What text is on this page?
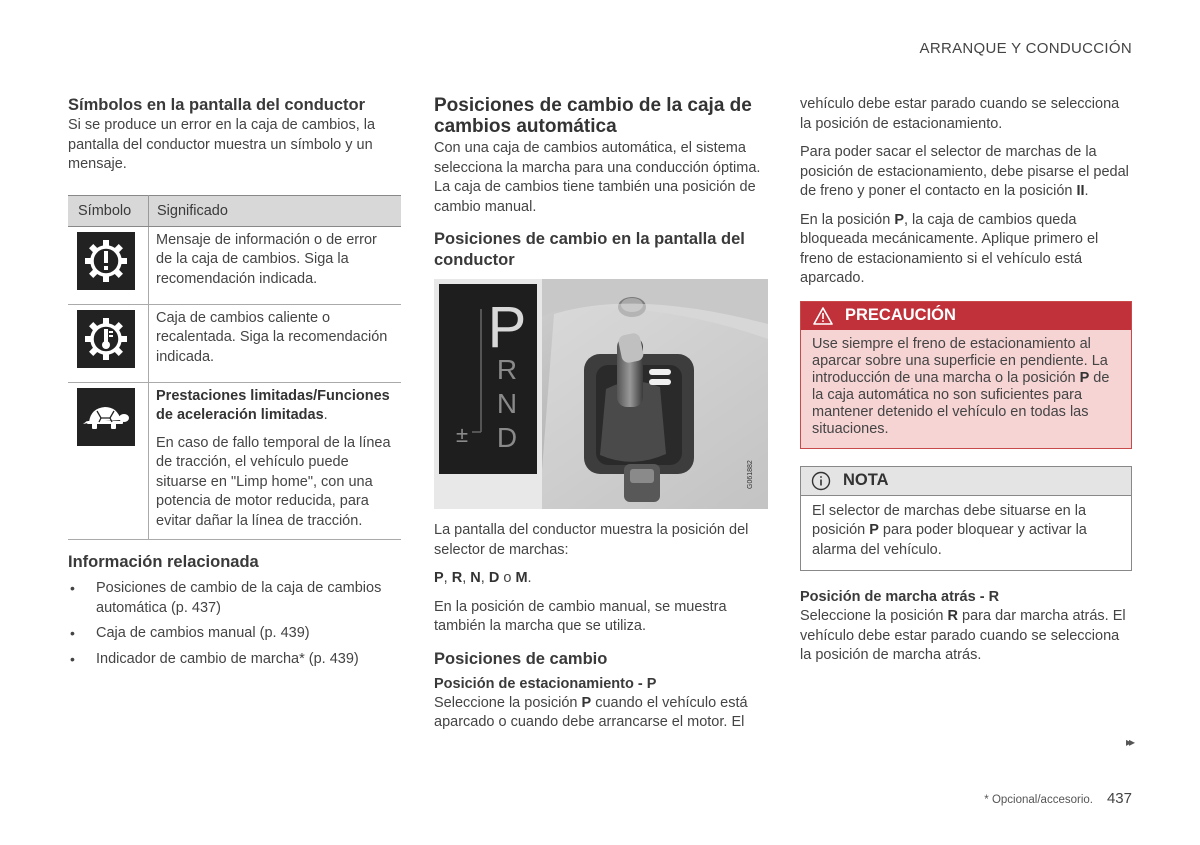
ARRANQUE Y CONDUCCIÓN
Símbolos en la pantalla del conductor

Si se produce un error en la caja de cambios, la pantalla del conductor muestra un símbolo y un mensaje.

Símbolo	Significado

Mensaje de información o de error de la caja de cambios. Siga la recomendación indicada.

Caja de cambios caliente o recalentada. Siga la recomendación indicada.

Prestaciones limitadas/Funciones de aceleración limitadas.

En caso de fallo temporal de la línea de tracción, el vehículo puede situarse en "Limp home", con una potencia de motor reducida, para evitar dañar la línea de tracción.

Información relacionada
• Posiciones de cambio de la caja de cambios automática (p. 437)
• Caja de cambios manual (p. 439)
• Indicador de cambio de marcha* (p. 439)
Posiciones de cambio de la caja de cambios automática

Con una caja de cambios automática, el sistema selecciona la marcha para una conducción óptima. La caja de cambios tiene también una posición de cambio manual.

Posiciones de cambio en la pantalla del conductor
P
R
N
D
±
G061882

La pantalla del conductor muestra la posición del selector de marchas:

P, R, N, D o M.

En la posición de cambio manual, se muestra también la marcha que se utiliza.

Posiciones de cambio
Posición de estacionamiento - P

Seleccione la posición P cuando el vehículo está aparcado o cuando debe arrancarse el motor. El

vehículo debe estar parado cuando se selecciona la posición de estacionamiento.

Para poder sacar el selector de marchas de la posición de estacionamiento, debe pisarse el pedal de freno y poner el contacto en la posición II.

En la posición P, la caja de cambios queda bloqueada mecánicamente. Aplique primero el freno de estacionamiento si el vehículo está aparcado.

PRECAUCIÓN

Use siempre el freno de estacionamiento al aparcar sobre una superficie en pendiente. La introducción de una marcha o la posición P de la caja automática no son suficientes para mantener detenido el vehículo en todas las situaciones.

NOTA

El selector de marchas debe situarse en la posición P para poder bloquear y activar la alarma del vehículo.

Posición de marcha atrás - R

Seleccione la posición R para dar marcha atrás. El vehículo debe estar parado cuando se selecciona la posición de marcha atrás.

▸▸
* Opcional/accesorio. 437
